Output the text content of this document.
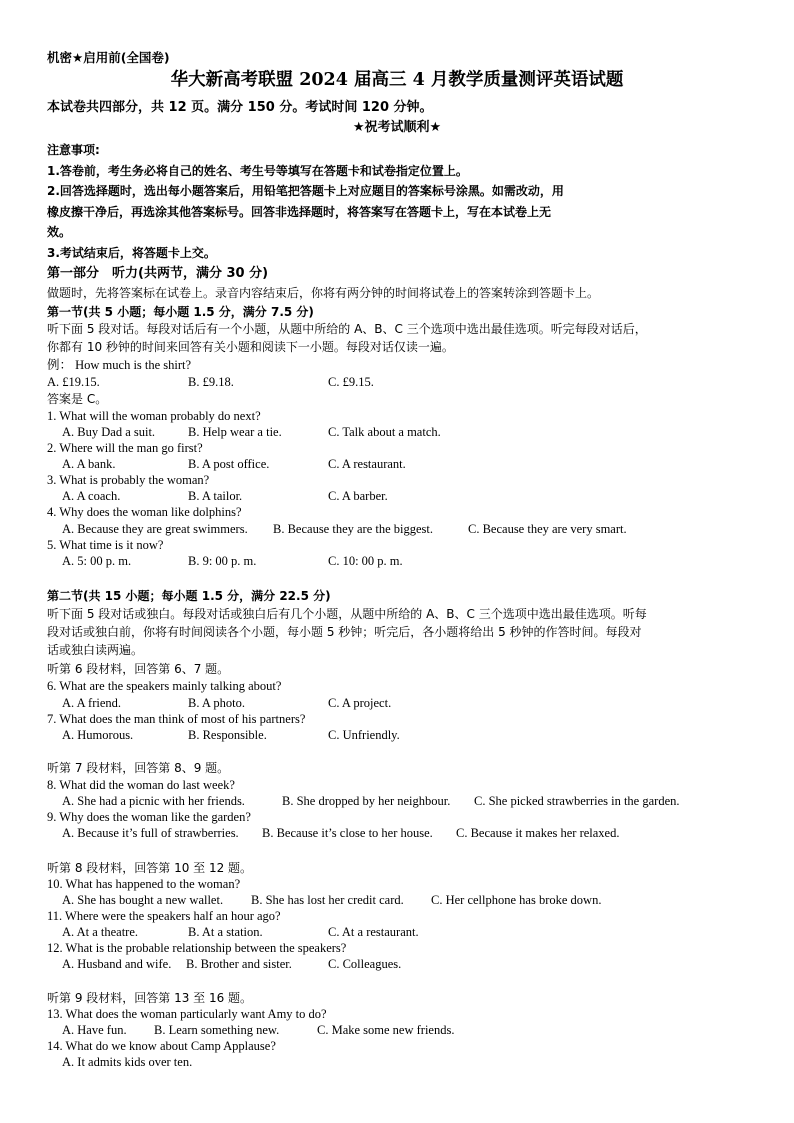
机密★启用前(全国卷)
华大新高考联盟 2024 届高三 4 月教学质量测评英语试题
本试卷共四部分，共 12 页。满分 150 分。考试时间 120 分钟。
★祝考试顺利★
注意事项:
1.答卷前，考生务必将自己的姓名、考生号等填写在答题卡和试卷指定位置上。
2.回答选择题时，选出每小题答案后，用铅笔把答题卡上对应题目的答案标号涂黑。如需改动，用
橡皮擦干净后，再选涂其他答案标号。回答非选择题时，将答案写在答题卡上，写在本试卷上无
效。
3.考试结束后，将答题卡上交。
第一部分　听力(共两节，满分 30 分)
做题时，先将答案标在试卷上。录音内容结束后，你将有两分钟的时间将试卷上的答案转涂到答题卡上。
第一节(共 5 小题；每小题 1.5 分，满分 7.5 分)
听下面 5 段对话。每段对话后有一个小题，从题中所给的 A、B、C 三个选项中选出最佳选项。听完每段对话后，
你都有 10 秒钟的时间来回答有关小题和阅读下一小题。每段对话仅读一遍。
例： How much is the shirt?
A. £19.15.	B. £9.18.	C. £9.15.
答案是 C。
1. What will the woman probably do next?
A. Buy Dad a suit.	B. Help wear a tie.	C. Talk about a match.
2. Where will the man go first?
A. A bank.	B. A post office.	C. A restaurant.
3. What is probably the woman?
A. A coach.	B. A tailor.	C. A barber.
4. Why does the woman like dolphins?
A. Because they are great swimmers. B. Because they are the biggest.	C. Because they are very smart.
5. What time is it now?
A. 5: 00 p. m.	B. 9: 00 p. m.	C. 10: 00 p. m.
第二节(共 15 小题；每小题 1.5 分，满分 22.5 分)
听下面 5 段对话或独白。每段对话或独白后有几个小题，从题中所给的 A、B、C 三个选项中选出最佳选项。听每
段对话或独白前，你将有时间阅读各个小题，每小题 5 秒钟；听完后，各小题将给出 5 秒钟的作答时间。每段对
话或独白读两遍。
听第 6 段材料，回答第 6、7 题。
6. What are the speakers mainly talking about?
A. A friend.	B. A photo.	C. A project.
7. What does the man think of most of his partners?
A. Humorous.	B. Responsible.	C. Unfriendly.
听第 7 段材料，回答第 8、9 题。
8. What did the woman do last week?
A. She had a picnic with her friends.	B. She dropped by her neighbour. C. She picked strawberries in the garden.
9. Why does the woman like the garden?
A. Because it’s full of strawberries. B. Because it’s close to her house. C. Because it makes her relaxed.
听第 8 段材料，回答第 10 至 12 题。
10. What has happened to the woman?
A. She has bought a new wallet. B. She has lost her credit card. C. Her cellphone has broke down.
11. Where were the speakers half an hour ago?
A. At a theatre.	B. At a station.	C. At a restaurant.
12. What is the probable relationship between the speakers?
A. Husband and wife. B. Brother and sister.	C. Colleagues.
听第 9 段材料，回答第 13 至 16 题。
13. What does the woman particularly want Amy to do?
A. Have fun. B. Learn something new.	C. Make some new friends.
14. What do we know about Camp Applause?
A. It admits kids over ten.
